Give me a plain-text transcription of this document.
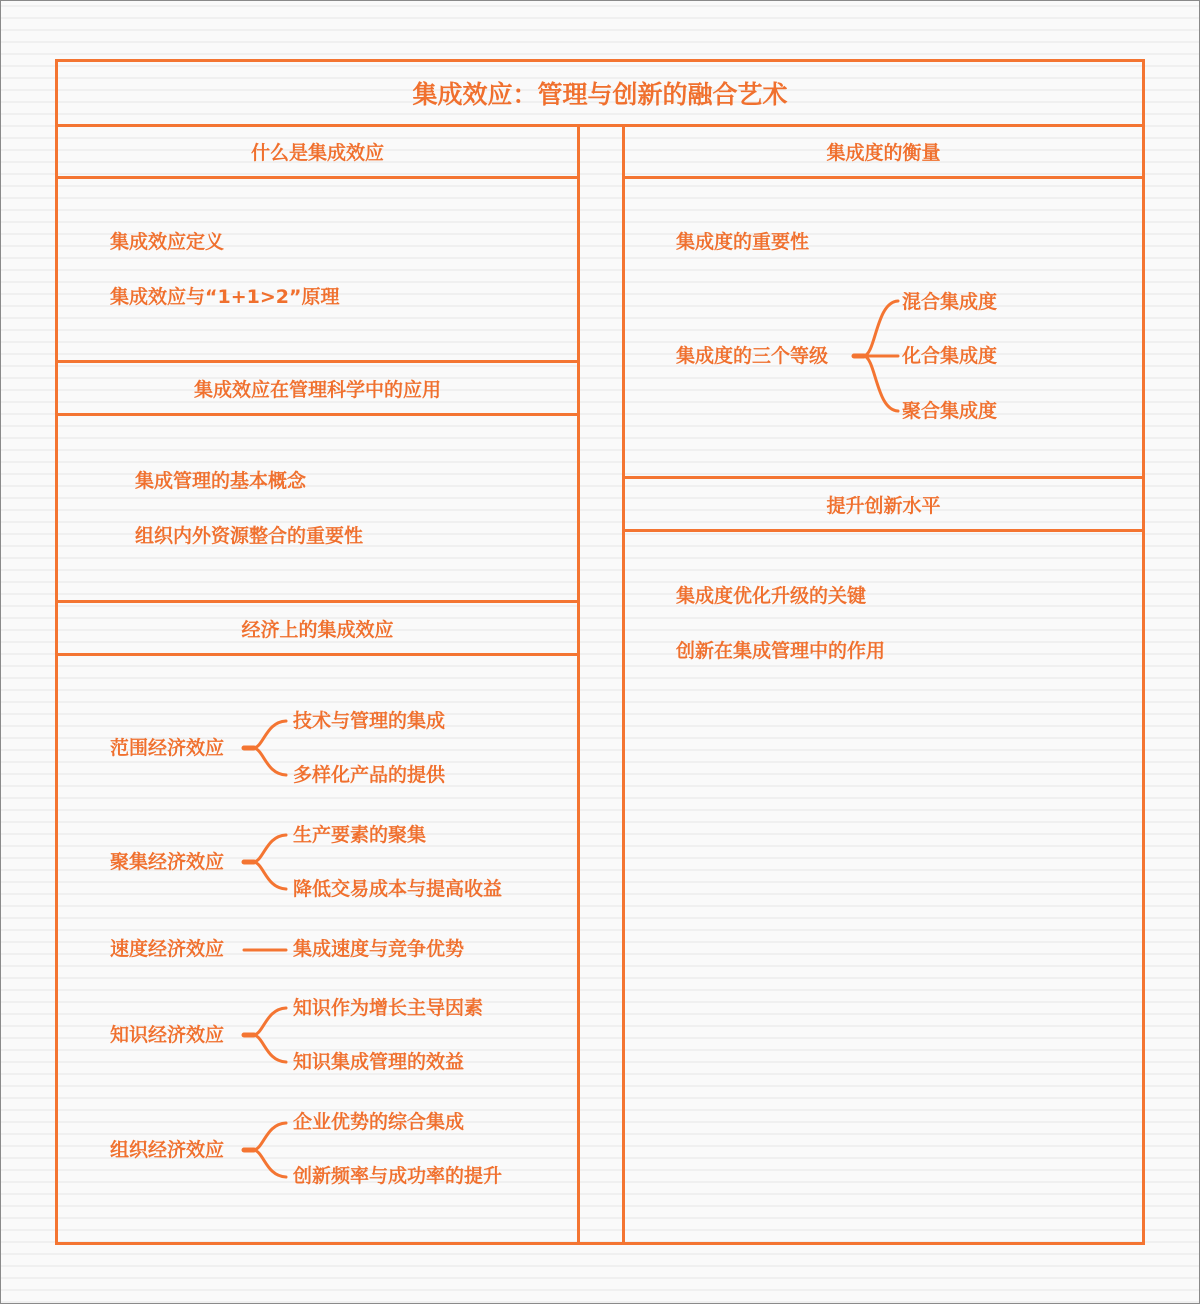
集成效应：管理与创新的融合艺术
什么是集成效应
集成效应定义
集成效应与“1+1>2”原理
集成效应在管理科学中的应用
集成管理的基本概念
组织内外资源整合的重要性
经济上的集成效应
范围经济效应
技术与管理的集成
多样化产品的提供
聚集经济效应
生产要素的聚集
降低交易成本与提高收益
速度经济效应	集成速度与竞争优势
知识经济效应
知识作为增长主导因素
知识集成管理的效益
组织经济效应
企业优势的综合集成
创新频率与成功率的提升
集成度的衡量
集成度的重要性
集成度的三个等级
混合集成度
化合集成度
聚合集成度
提升创新水平
集成度优化升级的关键
创新在集成管理中的作用
